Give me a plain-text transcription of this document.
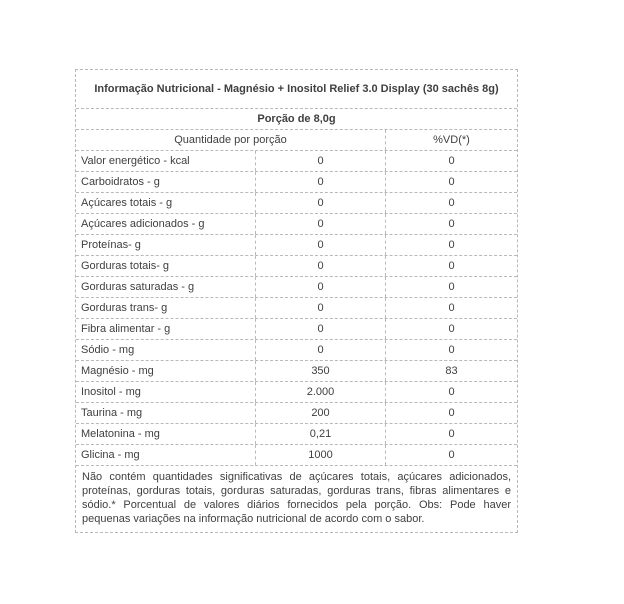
Informação Nutricional - Magnésio + Inositol Relief 3.0 Display (30 sachês 8g)
Porção de 8,0g
Quantidade por porção	%VD(*)
Valor energético - kcal	0	0
Carboidratos - g	0	0
Açúcares totais - g	0	0
Açúcares adicionados - g	0	0
Proteínas- g	0	0
Gorduras totais- g	0	0
Gorduras saturadas - g	0	0
Gorduras trans- g	0	0
Fibra alimentar - g	0	0
Sódio - mg	0	0
Magnésio - mg	350	83
Inositol - mg	2.000	0
Taurina - mg	200	0
Melatonina - mg	0,21	0
Glicina - mg	1000	0

Não contém quantidades significativas de açúcares totais, açúcares adicionados, proteínas, gorduras totais, gorduras saturadas, gorduras trans, fibras alimentares e sódio.* Porcentual de valores diários fornecidos pela porção. Obs: Pode haver pequenas variações na informação nutricional de acordo com o sabor.
